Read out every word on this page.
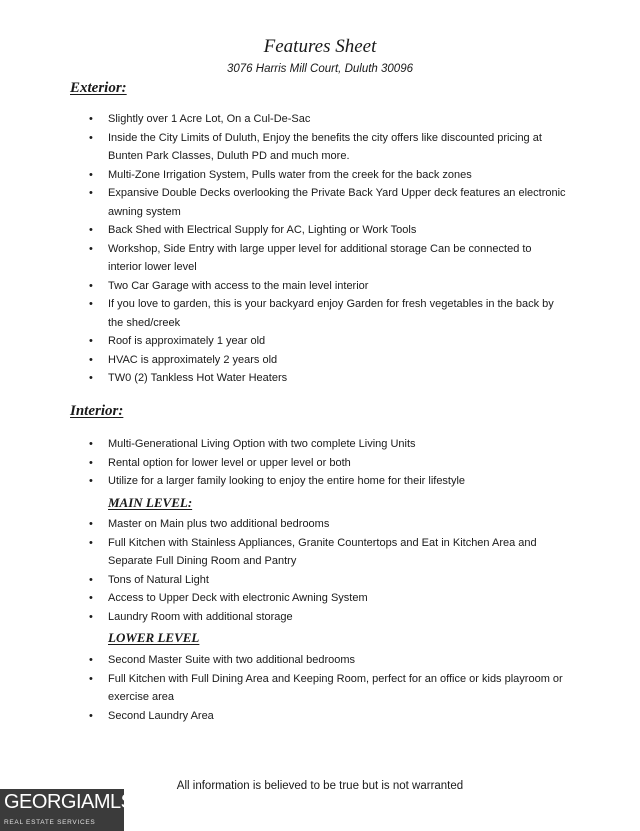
Features Sheet
3076 Harris Mill Court, Duluth 30096
Exterior:
• Slightly over 1 Acre Lot, On a Cul-De-Sac
• Inside the City Limits of Duluth, Enjoy the benefits the city offers like discounted pricing at Bunten Park Classes, Duluth PD and much more.
• Multi-Zone Irrigation System, Pulls water from the creek for the back zones
• Expansive Double Decks overlooking the Private Back Yard Upper deck features an electronic awning system
• Back Shed with Electrical Supply for AC, Lighting or Work Tools
• Workshop, Side Entry with large upper level for additional storage Can be connected to interior lower level
• Two Car Garage with access to the main level interior
• If you love to garden, this is your backyard enjoy Garden for fresh vegetables in the back by the shed/creek
• Roof is approximately 1 year old
• HVAC is approximately 2 years old
• TW0 (2) Tankless Hot Water Heaters
Interior:
• Multi-Generational Living Option with two complete Living Units
• Rental option for lower level or upper level or both
• Utilize for a larger family looking to enjoy the entire home for their lifestyle
MAIN LEVEL:
• Master on Main plus two additional bedrooms
• Full Kitchen with Stainless Appliances, Granite Countertops and Eat in Kitchen Area and Separate Full Dining Room and Pantry
• Tons of Natural Light
• Access to Upper Deck with electronic Awning System
• Laundry Room with additional storage
LOWER LEVEL
• Second Master Suite with two additional bedrooms
• Full Kitchen with Full Dining Area and Keeping Room, perfect for an office or kids playroom or exercise area
• Second Laundry Area
All information is believed to be true but is not warranted
GEORGIAMLS
REAL ESTATE SERVICES
